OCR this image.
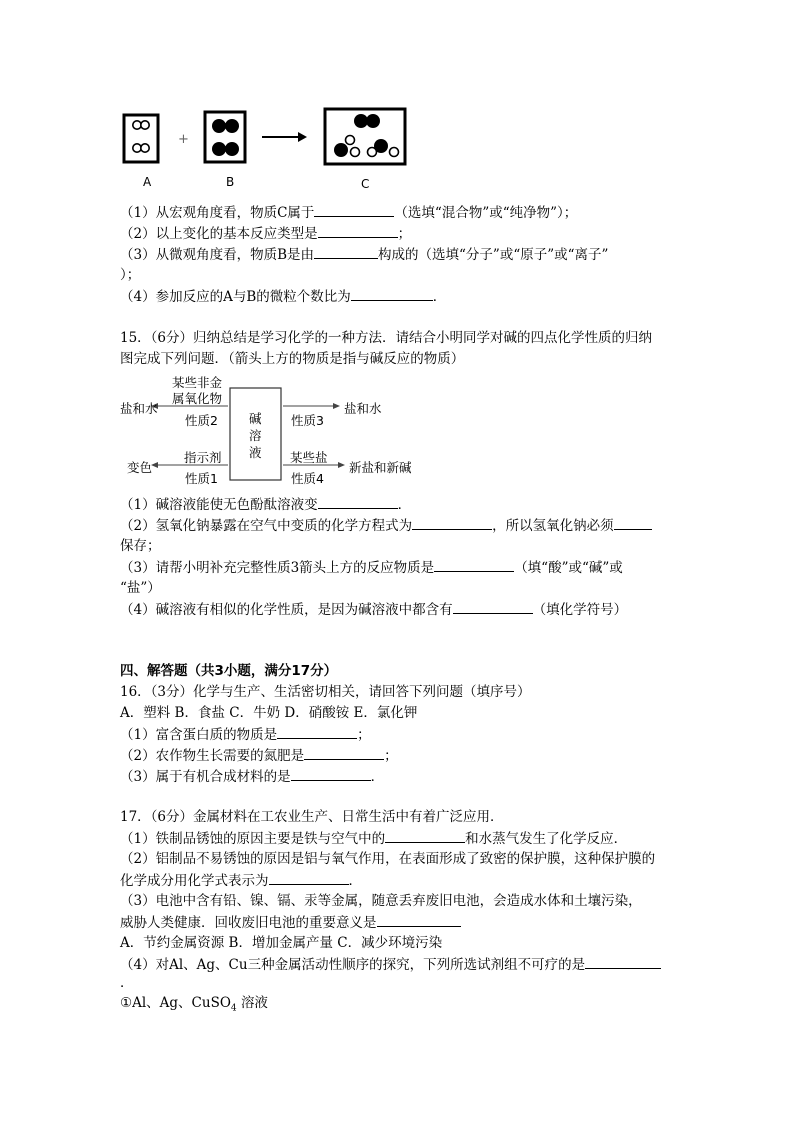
+
A	B	C
（1）从宏观角度看，物质C属于	（选填“混合物”或“纯净物”）；
（2）以上变化的基本反应类型是	；
（3）从微观角度看，物质B是由	构成的（选填“分子”或“原子”或“离子”
）；
（4）参加反应的A与B的微粒个数比为	．
15．（6分）归纳总结是学习化学的一种方法．请结合小明同学对碱的四点化学性质的归纳
图完成下列问题．（箭头上方的物质是指与碱反应的物质）
碱
溶
液
某些非金
属氧化物
性质2
盐和水
指示剂
性质1
变色
性质3
盐和水
某些盐
性质4
新盐和新碱
（1）碱溶液能使无色酚酞溶液变	．
（2）氢氧化钠暴露在空气中变质的化学方程式为	，所以氢氧化钠必须
保存；
（3）请帮小明补充完整性质3箭头上方的反应物质是	（填“酸”或“碱”或
“盐”）
（4）碱溶液有相似的化学性质，是因为碱溶液中都含有	（填化学符号）
四、解答题（共3小题，满分17分）
16．（3分）化学与生产、生活密切相关，请回答下列问题（填序号）
A．塑料 B．食盐 C．牛奶 D．硝酸铵 E．氯化钾
（1）富含蛋白质的物质是	；
（2）农作物生长需要的氮肥是	；
（3）属于有机合成材料的是	．
17．（6分）金属材料在工农业生产、日常生活中有着广泛应用．
（1）铁制品锈蚀的原因主要是铁与空气中的	和水蒸气发生了化学反应．
（2）铝制品不易锈蚀的原因是铝与氧气作用，在表面形成了致密的保护膜，这种保护膜的
化学成分用化学式表示为	．
（3）电池中含有铅、镍、镉、汞等金属，随意丢弃废旧电池，会造成水体和土壤污染，
威胁人类健康．回收废旧电池的重要意义是
A．节约金属资源 B．增加金属产量 C．减少环境污染
（4）对Al、Ag、Cu三种金属活动性顺序的探究，下列所选试剂组不可疗的是
．
①Al、Ag、CuSO$_4$ 溶液
